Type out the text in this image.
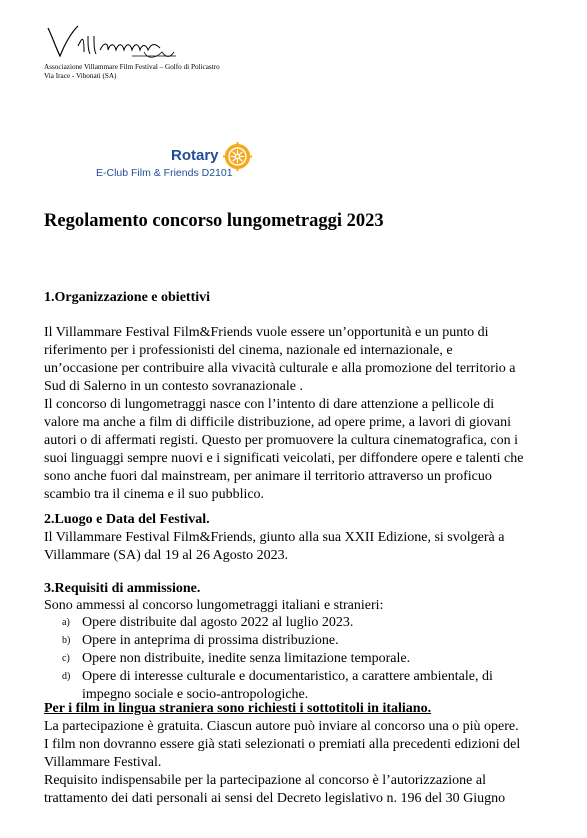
Associazione Villammare Film Festival – Golfo di Policastro
Via Irace - Vibonati (SA)
Rotary
E-Club Film & Friends D2101
Regolamento concorso lungometraggi 2023
1.Organizzazione e obiettivi
Il Villammare Festival Film&Friends vuole essere un’opportunità e un punto di
riferimento per i professionisti del cinema, nazionale ed internazionale, e
un’occasione per contribuire alla vivacità culturale e alla promozione del territorio a
Sud di Salerno in un contesto sovranazionale .
Il concorso di lungometraggi nasce con l’intento di dare attenzione a pellicole di
valore ma anche a film di difficile distribuzione, ad opere prime, a lavori di giovani
autori o di affermati registi. Questo per promuovere la cultura cinematografica, con i
suoi linguaggi sempre nuovi e i significati veicolati, per diffondere opere e talenti che
sono anche fuori dal mainstream, per animare il territorio attraverso un proficuo
scambio tra il cinema e il suo pubblico.
2.Luogo e Data del Festival.
Il Villammare Festival Film&Friends, giunto alla sua XXII Edizione, si svolgerà a
Villammare (SA) dal 19 al 26 Agosto 2023.
3.Requisiti di ammissione.
Sono ammessi al concorso lungometraggi italiani e stranieri:
a) Opere distribuite dal agosto 2022 al luglio 2023.
b) Opere in anteprima di prossima distribuzione.
c) Opere non distribuite, inedite senza limitazione temporale.
d) Opere di interesse culturale e documentaristico, a carattere ambientale, di
impegno sociale e socio-antropologiche.
Per i film in lingua straniera sono richiesti i sottotitoli in italiano.
La partecipazione è gratuita. Ciascun autore può inviare al concorso una o più opere.
I film non dovranno essere già stati selezionati o premiati alla precedenti edizioni del
Villammare Festival.
Requisito indispensabile per la partecipazione al concorso è l’autorizzazione al
trattamento dei dati personali ai sensi del Decreto legislativo n. 196 del 30 Giugno
